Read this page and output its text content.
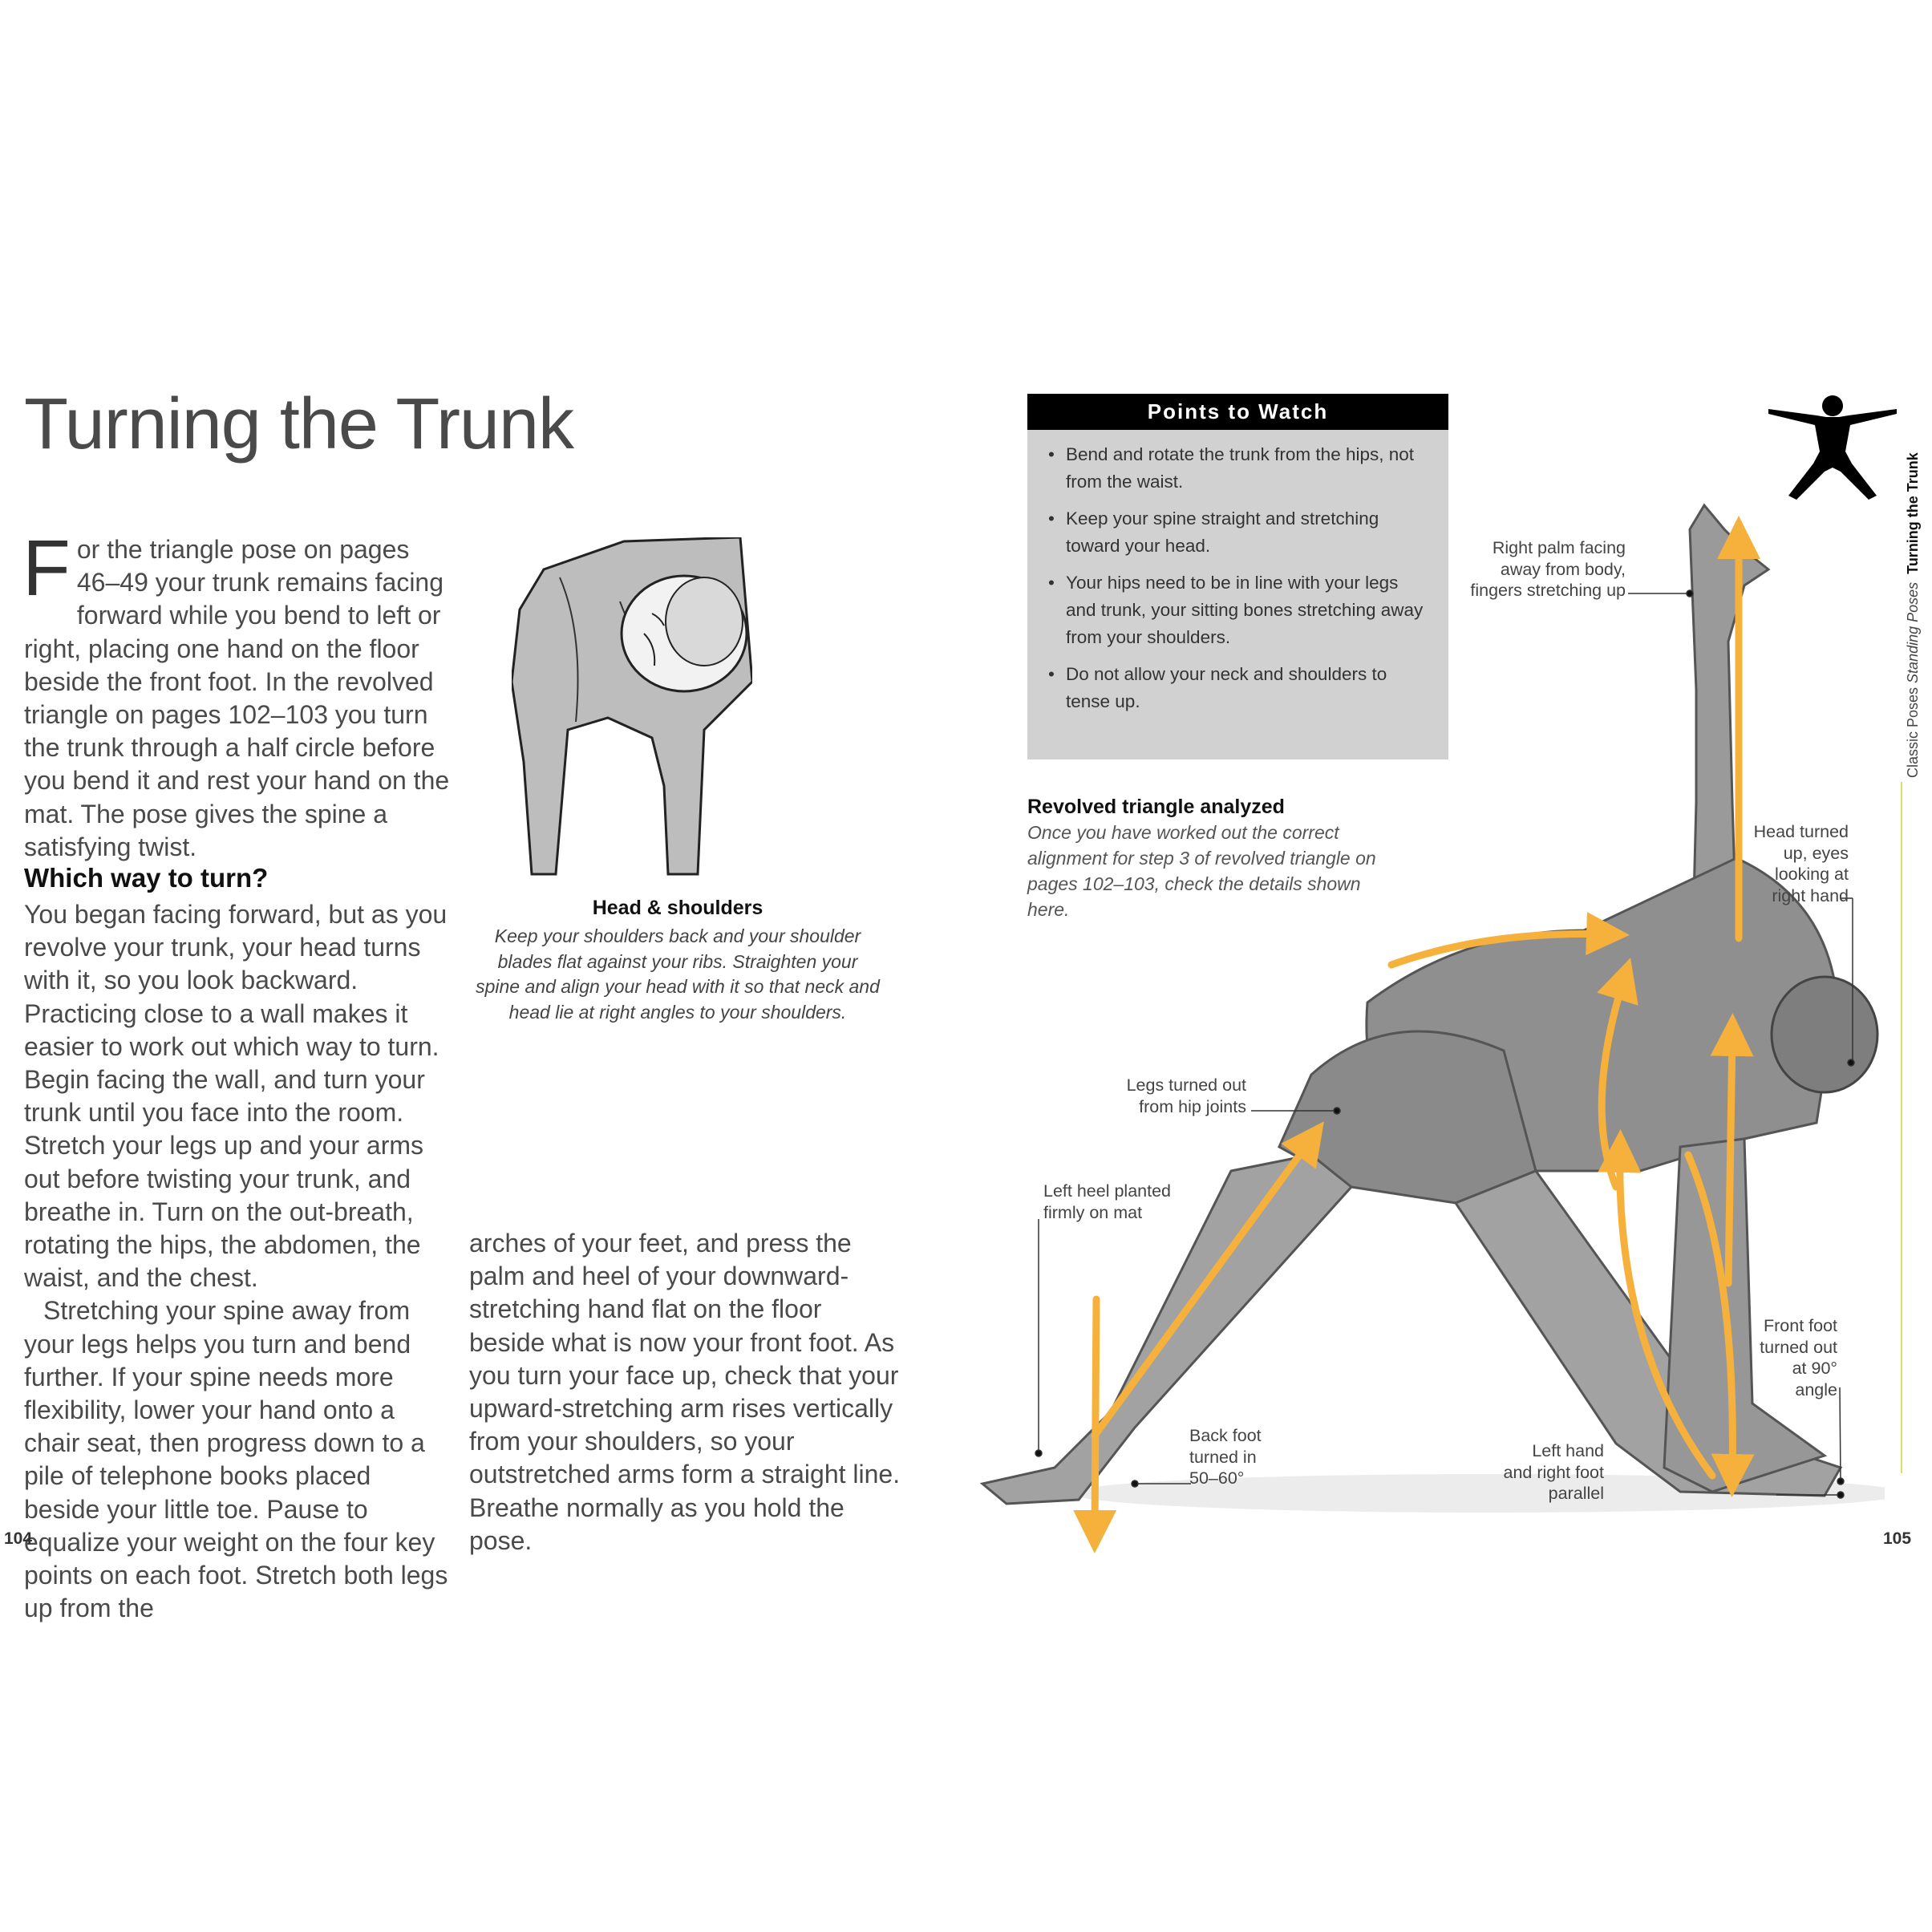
Turning the Trunk
F or the triangle pose on pages 46–49 your trunk remains facing forward while you bend to left or right, placing one hand on the floor beside the front foot. In the revolved triangle on pages 102–103 you turn the trunk through a half circle before you bend it and rest your hand on the mat. The pose gives the spine a satisfying twist.

Which way to turn?

You began facing forward, but as you revolve your trunk, your head turns with it, so you look backward. Practicing close to a wall makes it easier to work out which way to turn. Begin facing the wall, and turn your trunk until you face into the room. Stretch your legs up and your arms out before twisting your trunk, and breathe in. Turn on the out-breath, rotating the hips, the abdomen, the waist, and the chest.

Stretching your spine away from your legs helps you turn and bend further. If your spine needs more flexibility, lower your hand onto a chair seat, then progress down to a pile of telephone books placed beside your little toe. Pause to equalize your weight on the four key points on each foot. Stretch both legs up from the

arches of your feet, and press the palm and heel of your downward-stretching hand flat on the floor beside what is now your front foot. As you turn your face up, check that your upward-stretching arm rises vertically from your shoulders, so your outstretched arms form a straight line. Breathe normally as you hold the pose.

Head & shoulders
Keep your shoulders back and your shoulder blades flat against your ribs. Straighten your spine and align your head with it so that neck and head lie at right angles to your shoulders.
104
Points to Watch
• Bend and rotate the trunk from the hips, not from the waist.
• Keep your spine straight and stretching toward your head.
• Your hips need to be in line with your legs and trunk, your sitting bones stretching away from your shoulders.
• Do not allow your neck and shoulders to tense up.
Revolved triangle analyzed
Once you have worked out the correct alignment for step 3 of revolved triangle on pages 102–103, check the details shown here.
Right palm facing
away from body,
fingers stretching up
Head turned
up, eyes
looking at
right hand
Legs turned out
from hip joints
Left heel planted
firmly on mat
Front foot
turned out
at 90°
angle
Back foot
turned in
50–60°
Left hand
and right foot
parallel
Classic Poses Standing Poses  Turning the Trunk
105
